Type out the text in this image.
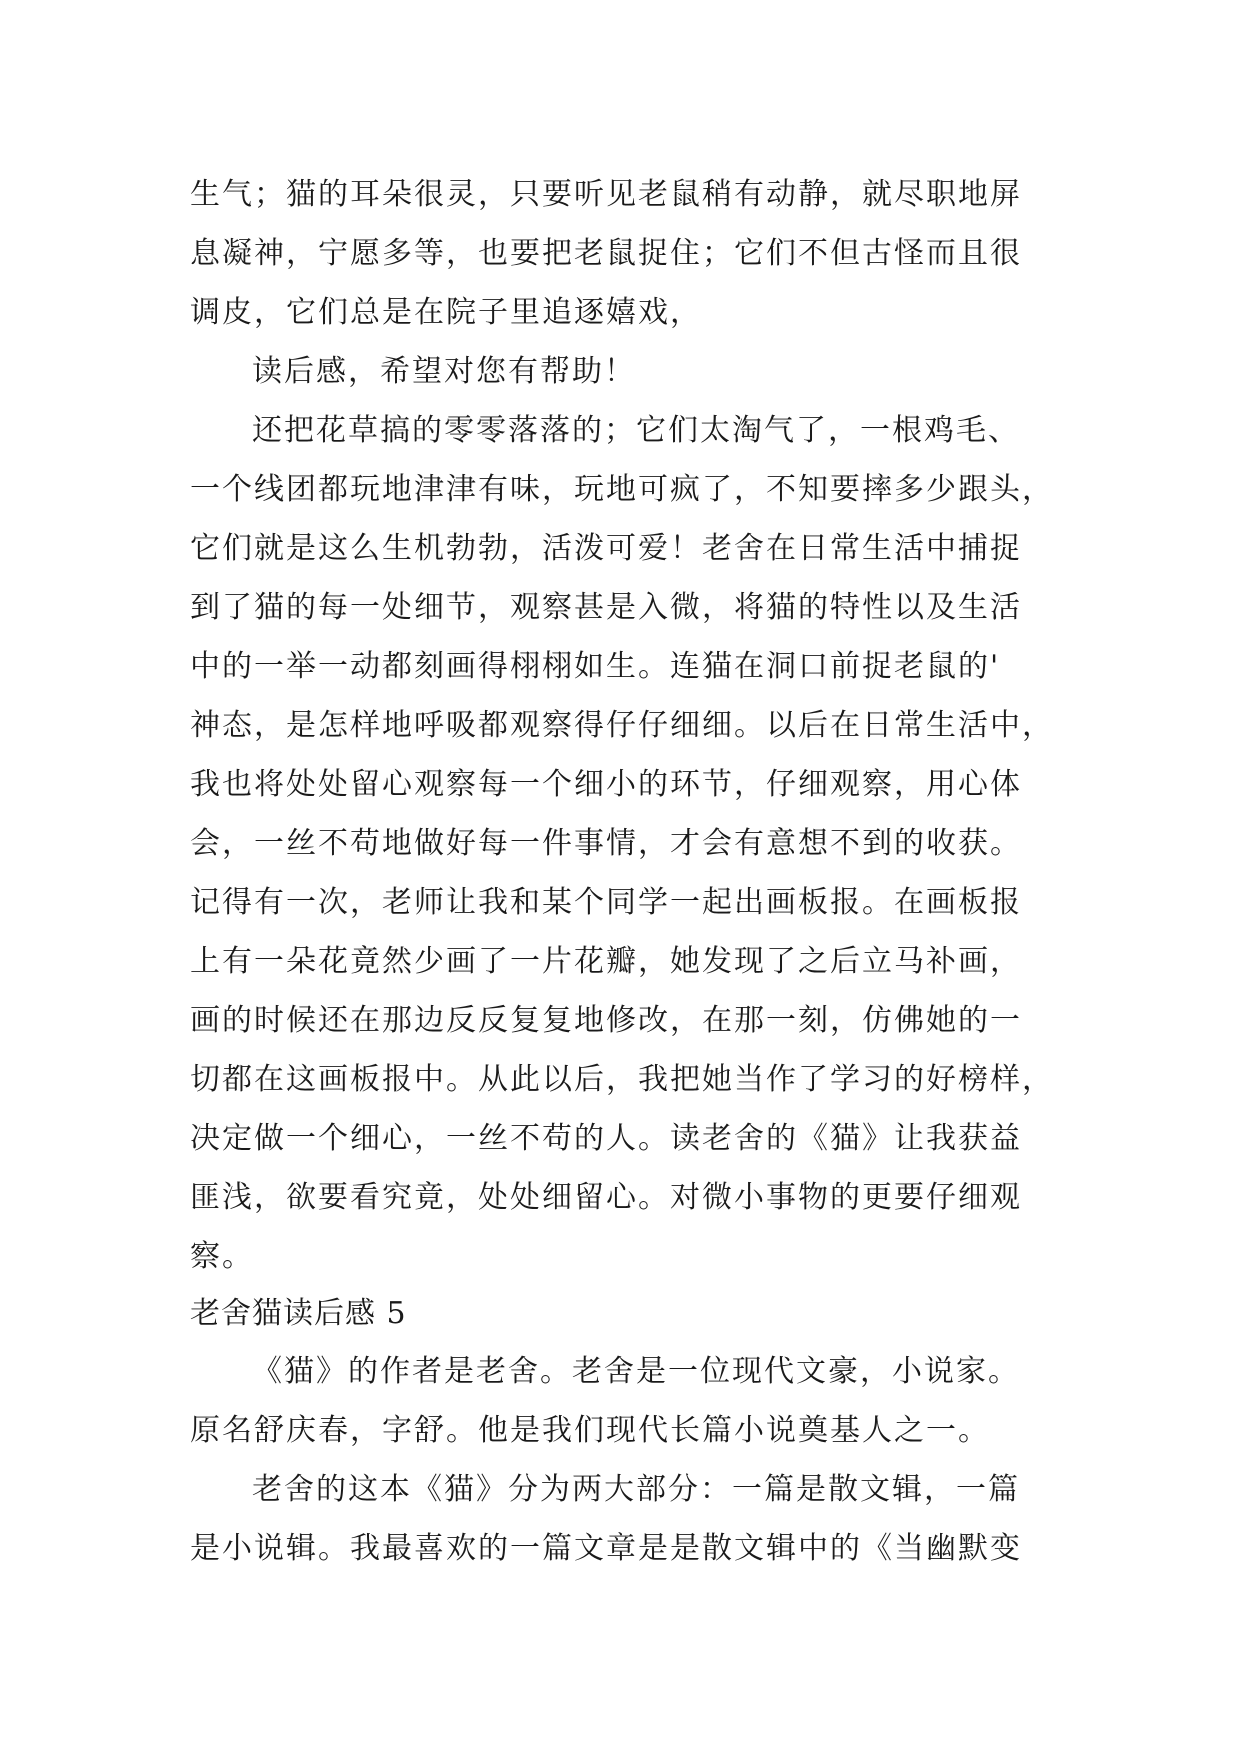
生气；猫的耳朵很灵，只要听见老鼠稍有动静，就尽职地屏
息凝神，宁愿多等，也要把老鼠捉住；它们不但古怪而且很
调皮，它们总是在院子里追逐嬉戏，
读后感，希望对您有帮助！
还把花草搞的零零落落的；它们太淘气了，一根鸡毛、
一个线团都玩地津津有味，玩地可疯了，不知要摔多少跟头，
它们就是这么生机勃勃，活泼可爱！老舍在日常生活中捕捉
到了猫的每一处细节，观察甚是入微，将猫的特性以及生活
中的一举一动都刻画得栩栩如生。连猫在洞口前捉老鼠的'
神态，是怎样地呼吸都观察得仔仔细细。以后在日常生活中，
我也将处处留心观察每一个细小的环节，仔细观察，用心体
会，一丝不苟地做好每一件事情，才会有意想不到的收获。
记得有一次，老师让我和某个同学一起出画板报。在画板报
上有一朵花竟然少画了一片花瓣，她发现了之后立马补画，
画的时候还在那边反反复复地修改，在那一刻，仿佛她的一
切都在这画板报中。从此以后，我把她当作了学习的好榜样，
决定做一个细心，一丝不苟的人。读老舍的《猫》让我获益
匪浅，欲要看究竟，处处细留心。对微小事物的更要仔细观
察。
老舍猫读后感 5
《猫》的作者是老舍。老舍是一位现代文豪，小说家。
原名舒庆春，字舒。他是我们现代长篇小说奠基人之一。
老舍的这本《猫》分为两大部分：一篇是散文辑，一篇
是小说辑。我最喜欢的一篇文章是是散文辑中的《当幽默变
